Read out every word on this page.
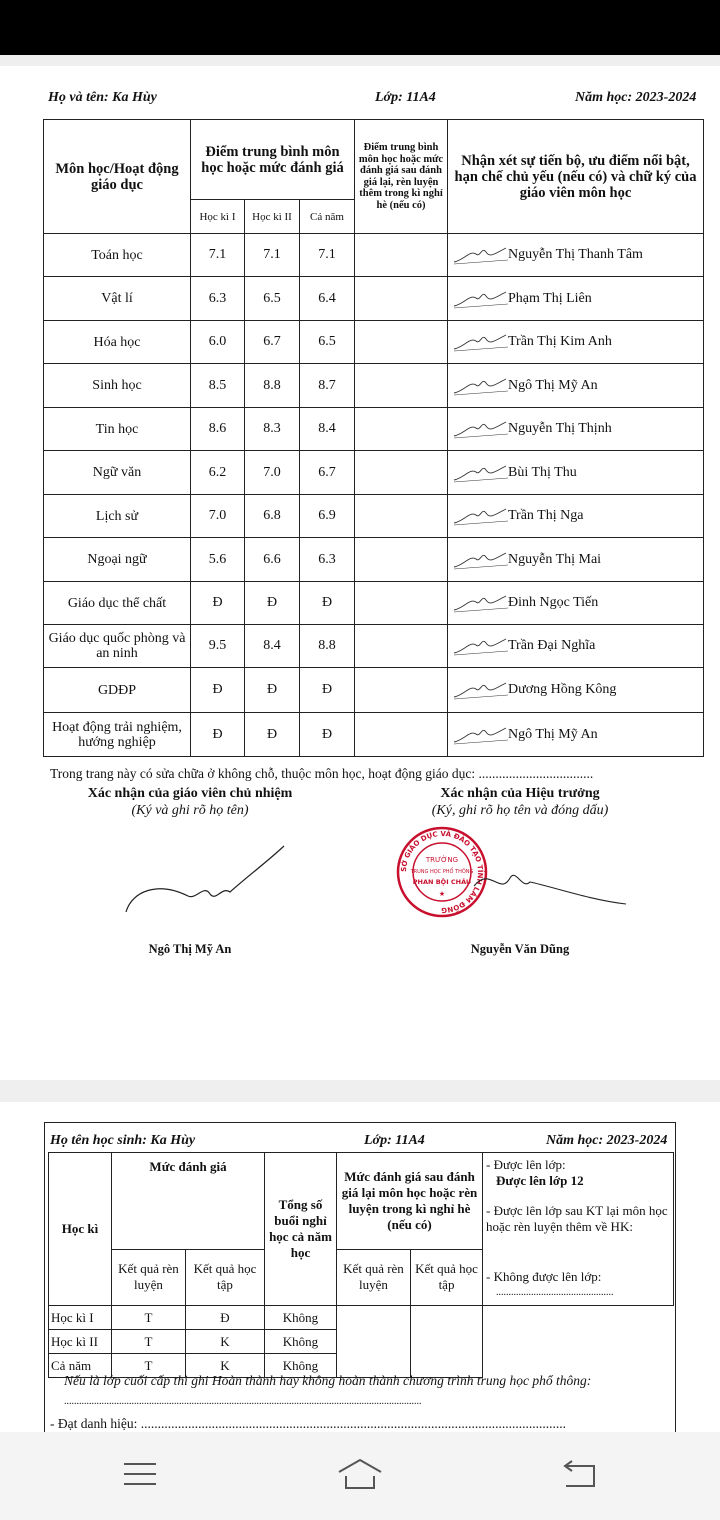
Họ và tên: Ka Hùy	Lớp: 11A4	Năm học: 2023-2024
Môn học/Hoạt động giáo dục	Điểm trung bình môn học hoặc mức đánh giá			Điểm trung bình môn học hoặc mức đánh giá sau đánh giá lại, rèn luyện thêm trong kì nghỉ hè (nếu có)	Nhận xét sự tiến bộ, ưu điểm nổi bật, hạn chế chủ yếu (nếu có) và chữ ký của giáo viên môn học
	Học kì I	Học kì II	Cả năm		
Toán học	7.1	7.1	7.1		Nguyễn Thị Thanh Tâm

Vật lí	6.3	6.5	6.4		Phạm Thị Liên

Hóa học	6.0	6.7	6.5		Trần Thị Kim Anh

Sinh học	8.5	8.8	8.7		Ngô Thị Mỹ An

Tin học	8.6	8.3	8.4		Nguyễn Thị Thịnh

Ngữ văn	6.2	7.0	6.7		Bùi Thị Thu

Lịch sử	7.0	6.8	6.9		Trần Thị Nga

Ngoại ngữ	5.6	6.6	6.3		Nguyễn Thị Mai

Giáo dục thể chất	Đ	Đ	Đ		Đinh Ngọc Tiến

Giáo dục quốc phòng và an ninh	9.5	8.4	8.8		Trần Đại Nghĩa

GDĐP	Đ	Đ	Đ		Dương Hồng Kông

Hoạt động trải nghiệm, hướng nghiệp	Đ	Đ	Đ		Ngô Thị Mỹ An
Trong trang này có sửa chữa ở không chỗ, thuộc môn học, hoạt động giáo dục: ..................................
Xác nhận của giáo viên chủ nhiệm
(Ký và ghi rõ họ tên)
Xác nhận của Hiệu trưởng
(Ký, ghi rõ họ tên và đóng dấu)
SỞ GIÁO DỤC VÀ ĐÀO TẠO TỈNH LÂM ĐỒNG
TRƯỜNG
TRUNG HỌC PHỔ THÔNG
PHAN BỘI CHÂU
★
Ngô Thị Mỹ An	Nguyễn Văn Dũng
Họ tên học sinh: Ka Hùy	Lớp: 11A4	Năm học: 2023-2024
Học kì	Mức đánh giá		Tổng số buổi nghỉ học cả năm học	Mức đánh giá sau đánh giá lại môn học hoặc rèn luyện trong kì nghỉ hè (nếu có)		- Được lên lớp:
Được lên lớp 12
- Được lên lớp sau KT lại môn học hoặc rèn luyện thêm về HK:
- Không được lên lớp:
...............................................

	Kết quả rèn luyện	Kết quả học tập		Kết quả rèn luyện	Kết quả học tập	
Học kì I	T	Đ	Không			
Học kì II	T	K	Không			
Cả năm	T	K	Không			
Nếu là lớp cuối cấp thì ghi Hoàn thành hay không hoàn thành chương trình trung học phổ thông:
...............................................................................................................................................
- Đạt danh hiệu: ..............................................................................................................................
